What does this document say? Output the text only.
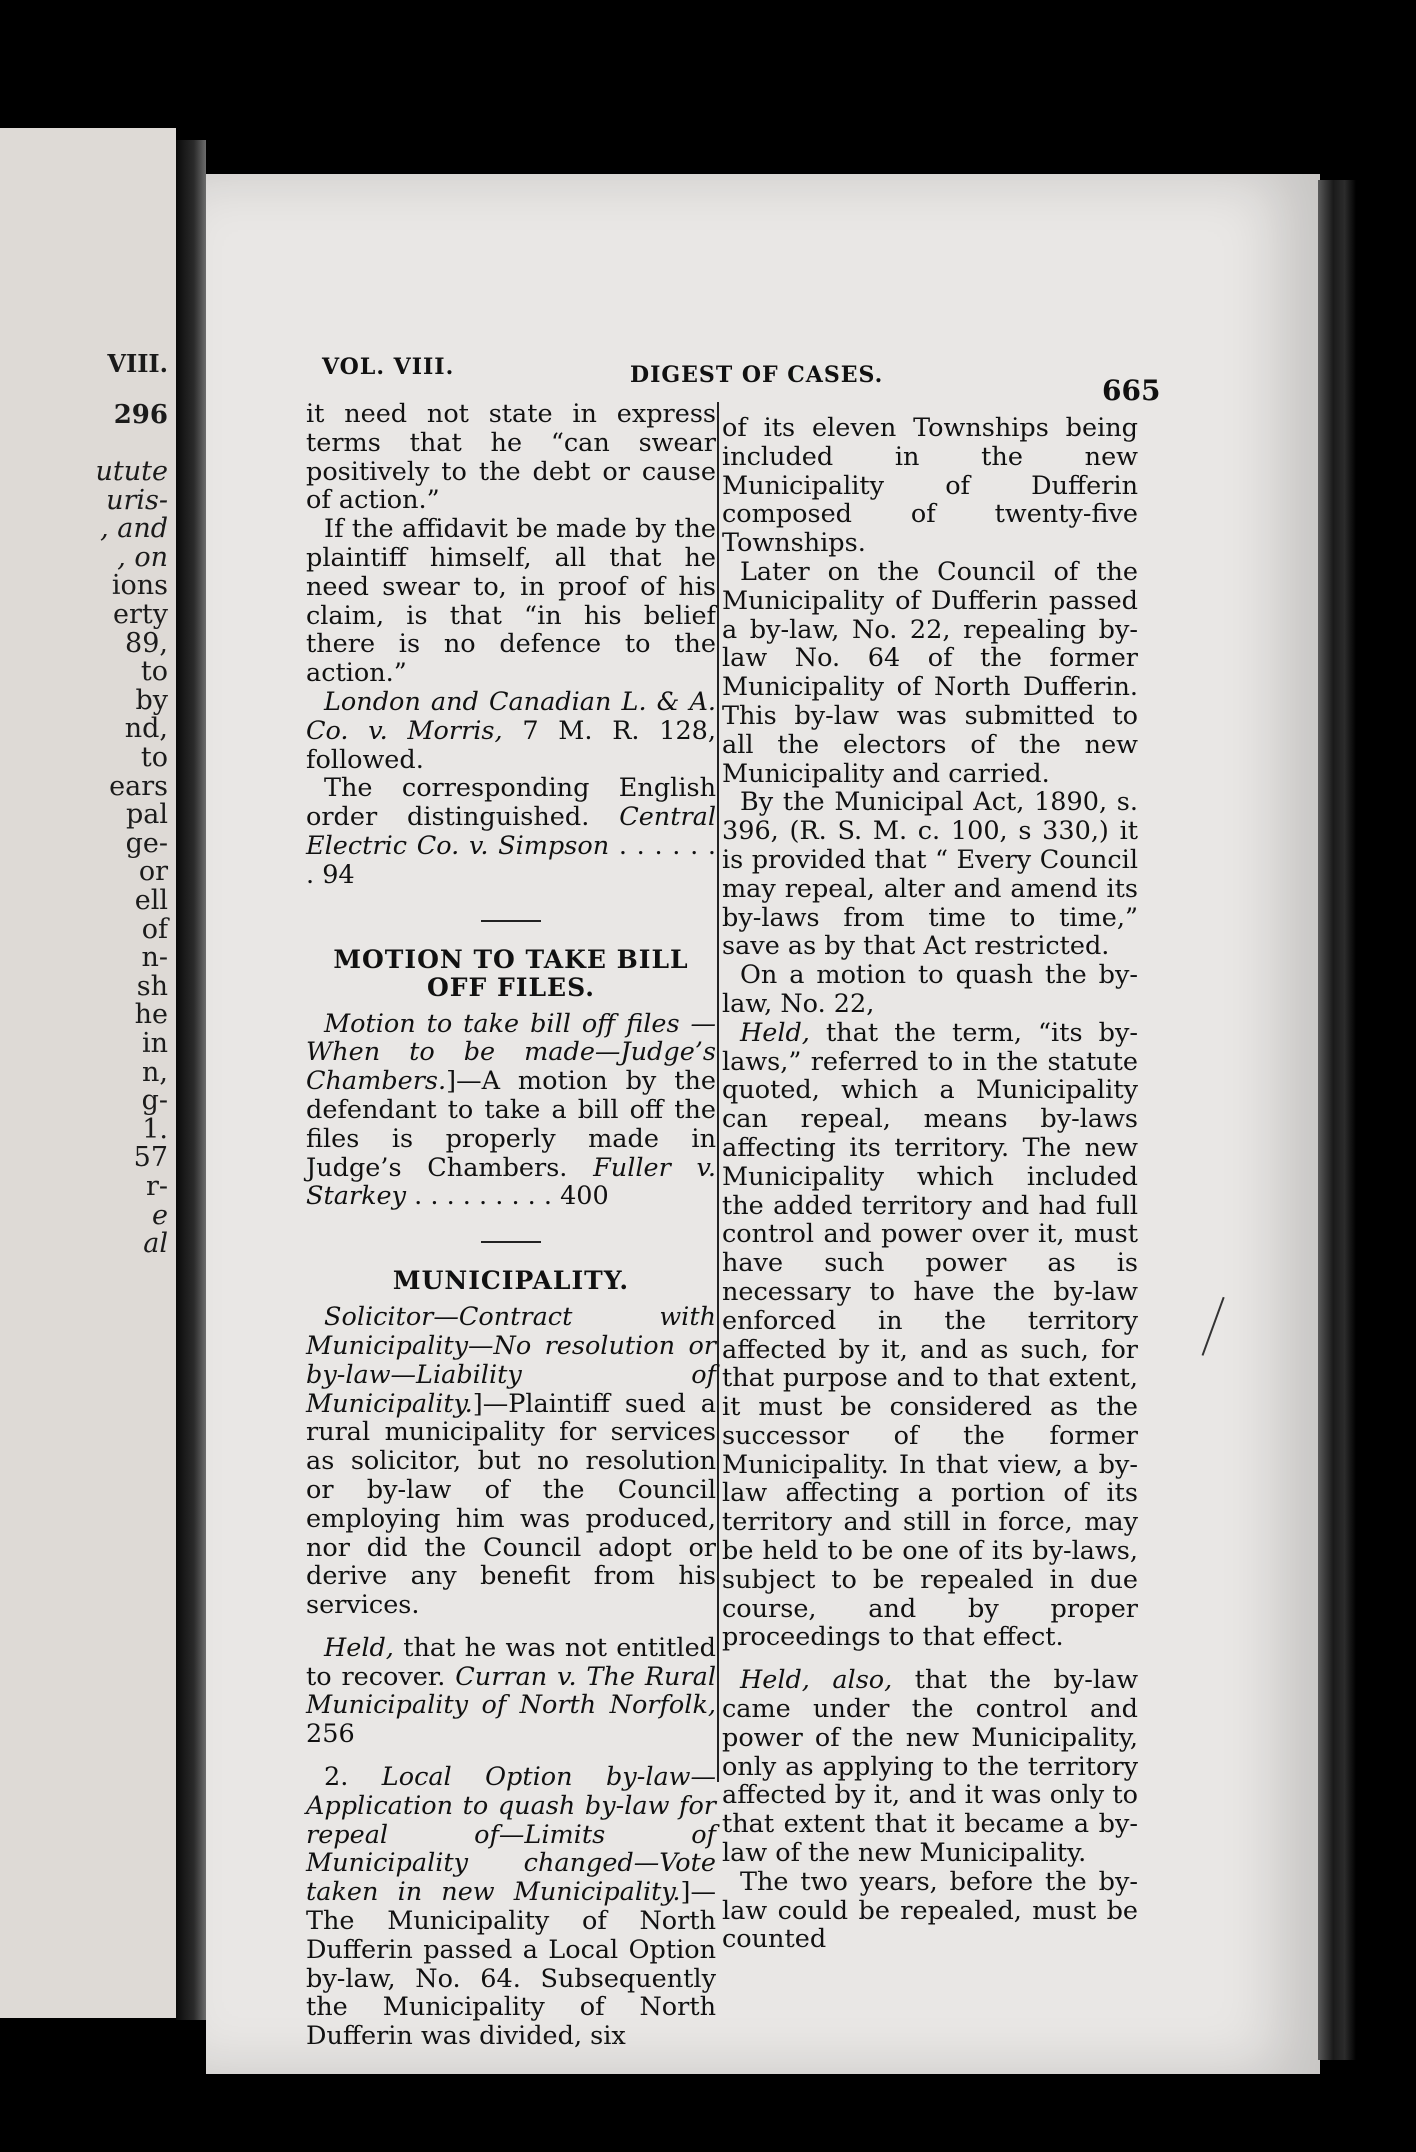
VIII.
296
utute
uris-
, and
, on
ions
erty
89,
to
by
nd,
to
ears
pal
ge-
or
ell
of
n-
sh
he
in
n,
g-
1.
57
r-
e
al
VOL. VIII.	DIGEST OF CASES.	665

it need not state in express terms that he “can swear positively to the debt or cause of action.”

If the affidavit be made by the plaintiff himself, all that he need swear to, in proof of his claim, is that “in his belief there is no defence to the action.”

London and Canadian L. & A. Co. v. Morris, 7 M. R. 128, followed.

The corresponding English order distinguished. Central Electric Co. v. Simpson . . . . . . . 94

MOTION TO TAKE BILL OFF FILES.

Motion to take bill off files — When to be made—Judge’s Chambers.]—A motion by the defendant to take a bill off the files is properly made in Judge’s Chambers. Fuller v. Starkey . . . . . . . . . 400

MUNICIPALITY.

Solicitor—Contract with Municipality—No resolution or by-law—Liability of Municipality.]—Plaintiff sued a rural municipality for services as solicitor, but no resolution or by-law of the Council employing him was produced, nor did the Council adopt or derive any benefit from his services.

Held, that he was not entitled to recover. Curran v. The Rural Municipality of North Norfolk, 256

2. Local Option by-law—Application to quash by-law for repeal of—Limits of Municipality changed—Vote taken in new Municipality.]—The Municipality of North Dufferin passed a Local Option by-law, No. 64. Subsequently the Municipality of North Dufferin was divided, six

of its eleven Townships being included in the new Municipality of Dufferin composed of twenty-five Townships.

Later on the Council of the Municipality of Dufferin passed a by-law, No. 22, repealing by-law No. 64 of the former Municipality of North Dufferin. This by-law was submitted to all the electors of the new Municipality and carried.

By the Municipal Act, 1890, s. 396, (R. S. M. c. 100, s 330,) it is provided that “ Every Council may repeal, alter and amend its by-laws from time to time,” save as by that Act restricted.

On a motion to quash the by-law, No. 22,

Held, that the term, “its by-laws,” referred to in the statute quoted, which a Municipality can repeal, means by-laws affecting its territory. The new Municipality which included the added territory and had full control and power over it, must have such power as is necessary to have the by-law enforced in the territory affected by it, and as such, for that purpose and to that extent, it must be considered as the successor of the former Municipality. In that view, a by-law affecting a portion of its territory and still in force, may be held to be one of its by-laws, subject to be repealed in due course, and by proper proceedings to that effect.

Held, also, that the by-law came under the control and power of the new Municipality, only as applying to the territory affected by it, and it was only to that extent that it became a by-law of the new Municipality.

The two years, before the by-law could be repealed, must be counted
